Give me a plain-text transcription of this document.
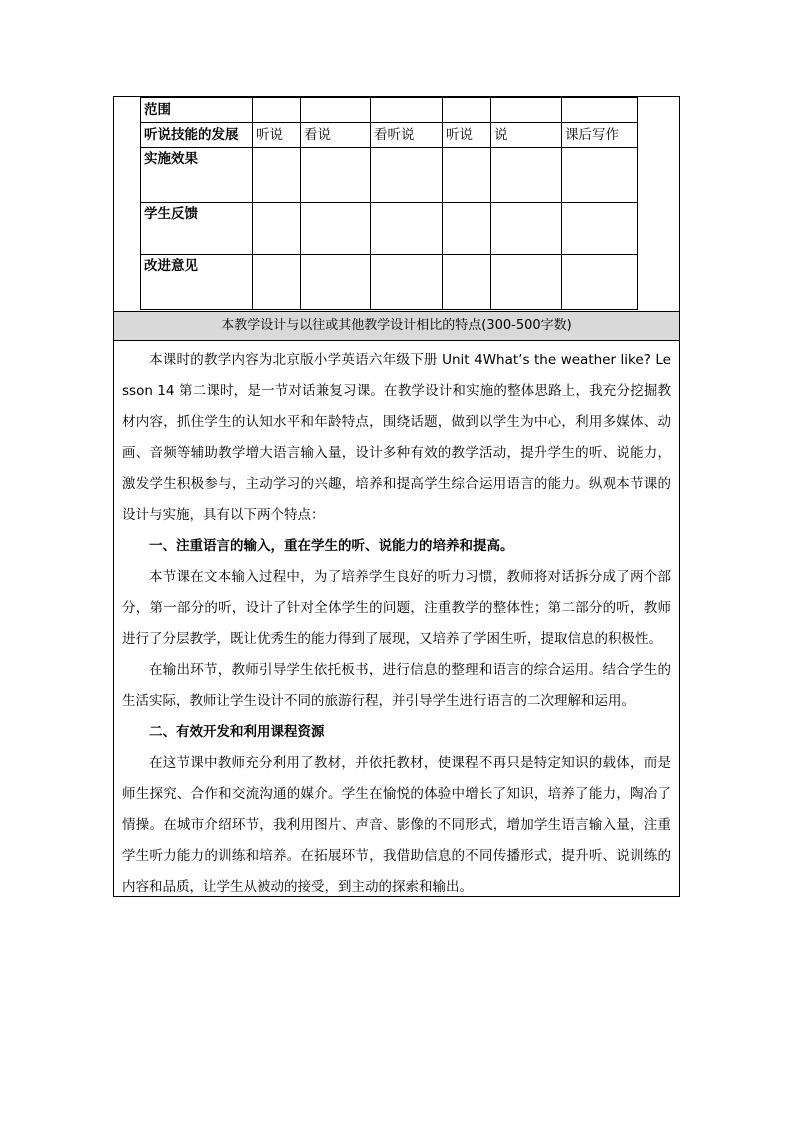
范围						
听说技能的发展	听说	看说	看听说	听说	说	课后写作
实施效果						
学生反馈						
改进意见						
本教学设计与以往或其他教学设计相比的特点(300-500字数)

本课时的教学内容为北京版小学英语六年级下册 Unit 4What’s the weather like? Lesson 14 第二课时，是一节对话兼复习课。在教学设计和实施的整体思路上，我充分挖掘教材内容，抓住学生的认知水平和年龄特点，围绕话题，做到以学生为中心，利用多媒体、动画、音频等辅助教学增大语言输入量，设计多种有效的教学活动，提升学生的听、说能力，激发学生积极参与，主动学习的兴趣，培养和提高学生综合运用语言的能力。纵观本节课的设计与实施，具有以下两个特点：

一、注重语言的输入，重在学生的听、说能力的培养和提高。

本节课在文本输入过程中，为了培养学生良好的听力习惯，教师将对话拆分成了两个部分，第一部分的听，设计了针对全体学生的问题，注重教学的整体性；第二部分的听，教师进行了分层教学，既让优秀生的能力得到了展现，又培养了学困生听，提取信息的积极性。

在输出环节，教师引导学生依托板书，进行信息的整理和语言的综合运用。结合学生的生活实际，教师让学生设计不同的旅游行程，并引导学生进行语言的二次理解和运用。

二、有效开发和利用课程资源

在这节课中教师充分利用了教材，并依托教材，使课程不再只是特定知识的载体，而是师生探究、合作和交流沟通的媒介。学生在愉悦的体验中增长了知识，培养了能力，陶冶了情操。在城市介绍环节，我利用图片、声音、影像的不同形式，增加学生语言输入量，注重学生听力能力的训练和培养。在拓展环节，我借助信息的不同传播形式，提升听、说训练的内容和品质，让学生从被动的接受，到主动的探索和输出。
